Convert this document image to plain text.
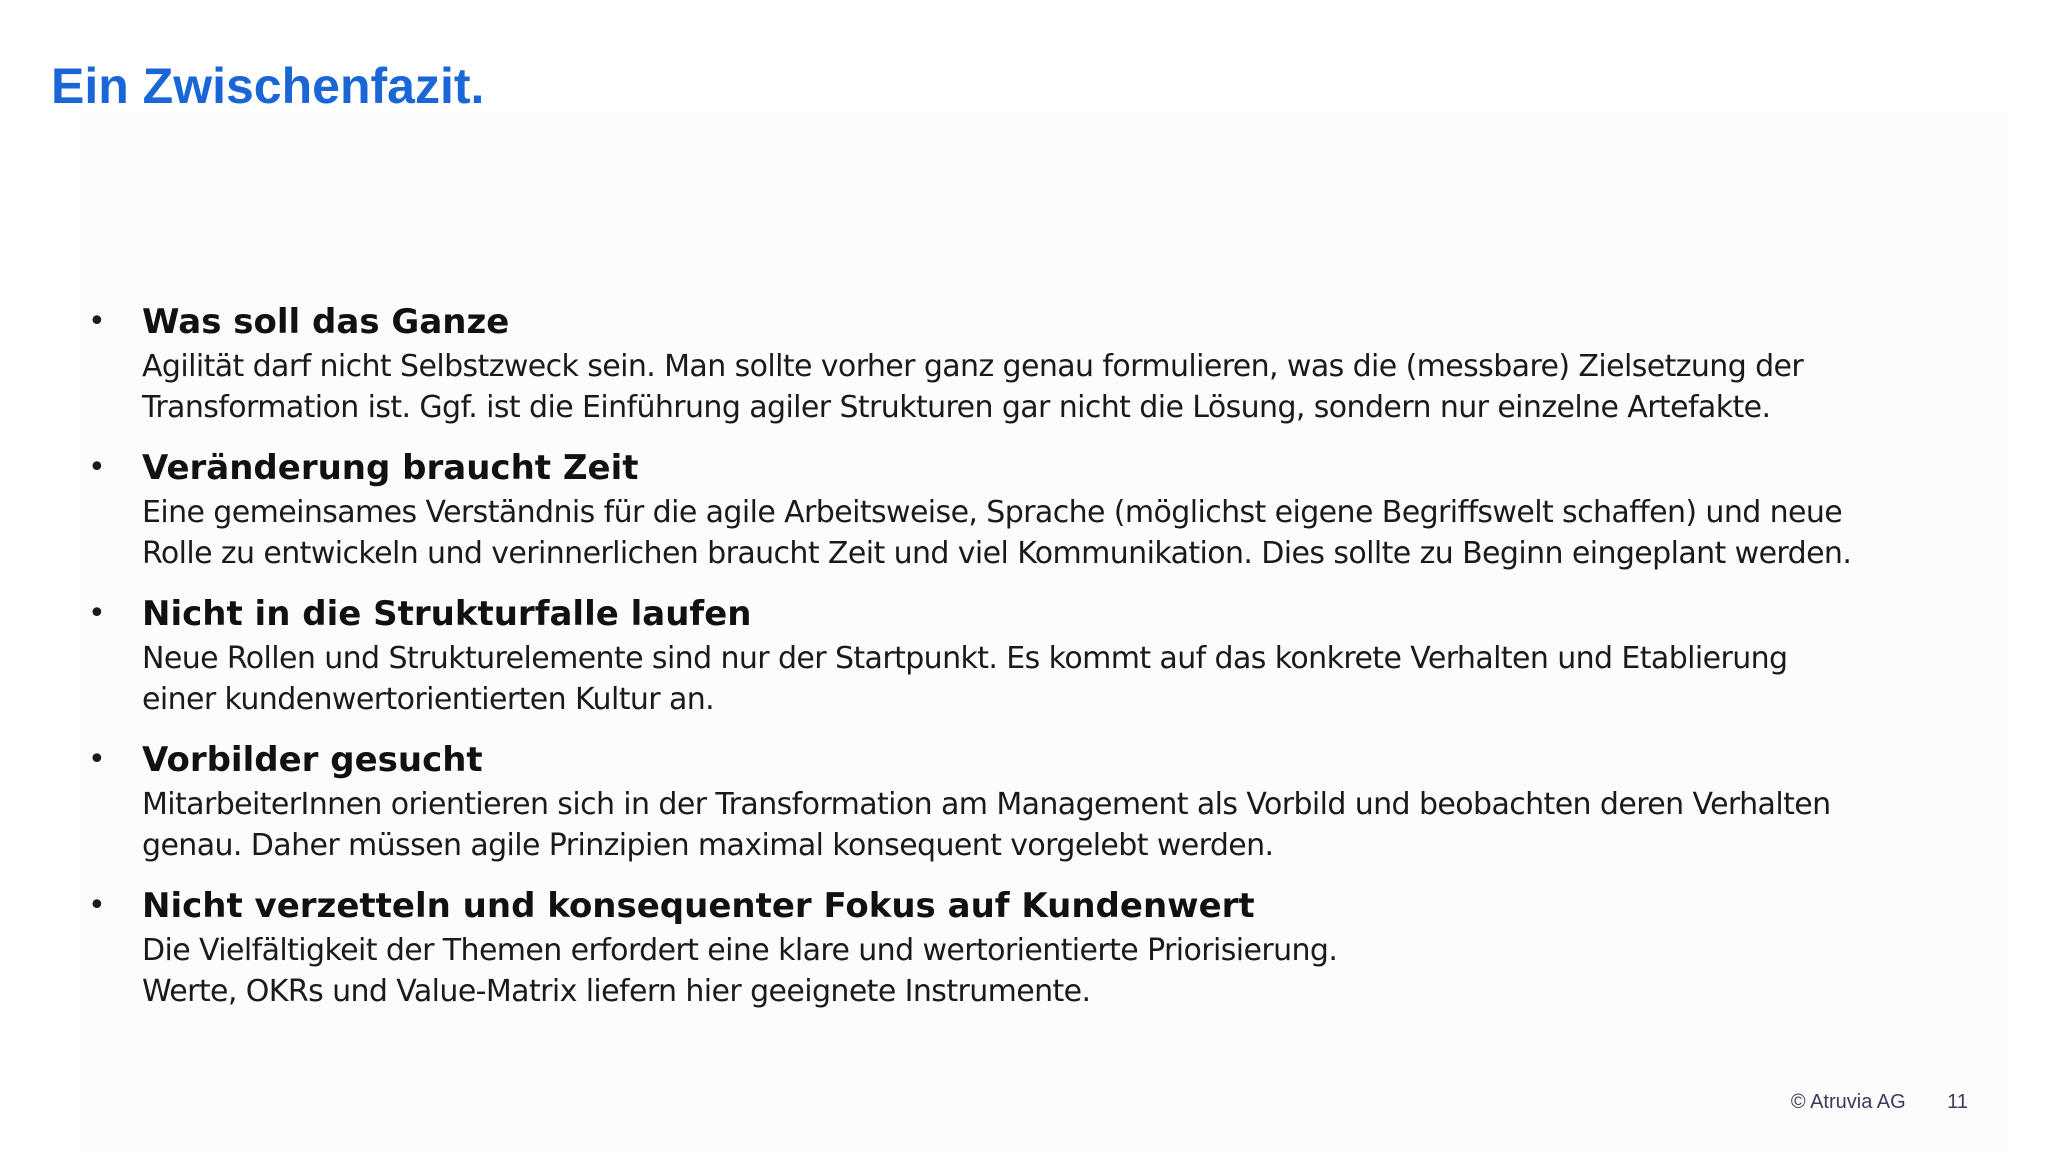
Ein Zwischenfazit.
• Was soll das Ganze
Agilität darf nicht Selbstzweck sein. Man sollte vorher ganz genau formulieren, was die (messbare) Zielsetzung der
Transformation ist. Ggf. ist die Einführung agiler Strukturen gar nicht die Lösung, sondern nur einzelne Artefakte.
• Veränderung braucht Zeit
Eine gemeinsames Verständnis für die agile Arbeitsweise, Sprache (möglichst eigene Begriffswelt schaffen) und neue
Rolle zu entwickeln und verinnerlichen braucht Zeit und viel Kommunikation. Dies sollte zu Beginn eingeplant werden.
• Nicht in die Strukturfalle laufen
Neue Rollen und Strukturelemente sind nur der Startpunkt. Es kommt auf das konkrete Verhalten und Etablierung
einer kundenwertorientierten Kultur an.
• Vorbilder gesucht
MitarbeiterInnen orientieren sich in der Transformation am Management als Vorbild und beobachten deren Verhalten
genau. Daher müssen agile Prinzipien maximal konsequent vorgelebt werden.
• Nicht verzetteln und konsequenter Fokus auf Kundenwert
Die Vielfältigkeit der Themen erfordert eine klare und wertorientierte Priorisierung.
Werte, OKRs und Value-Matrix liefern hier geeignete Instrumente.
© Atruvia AG 11
